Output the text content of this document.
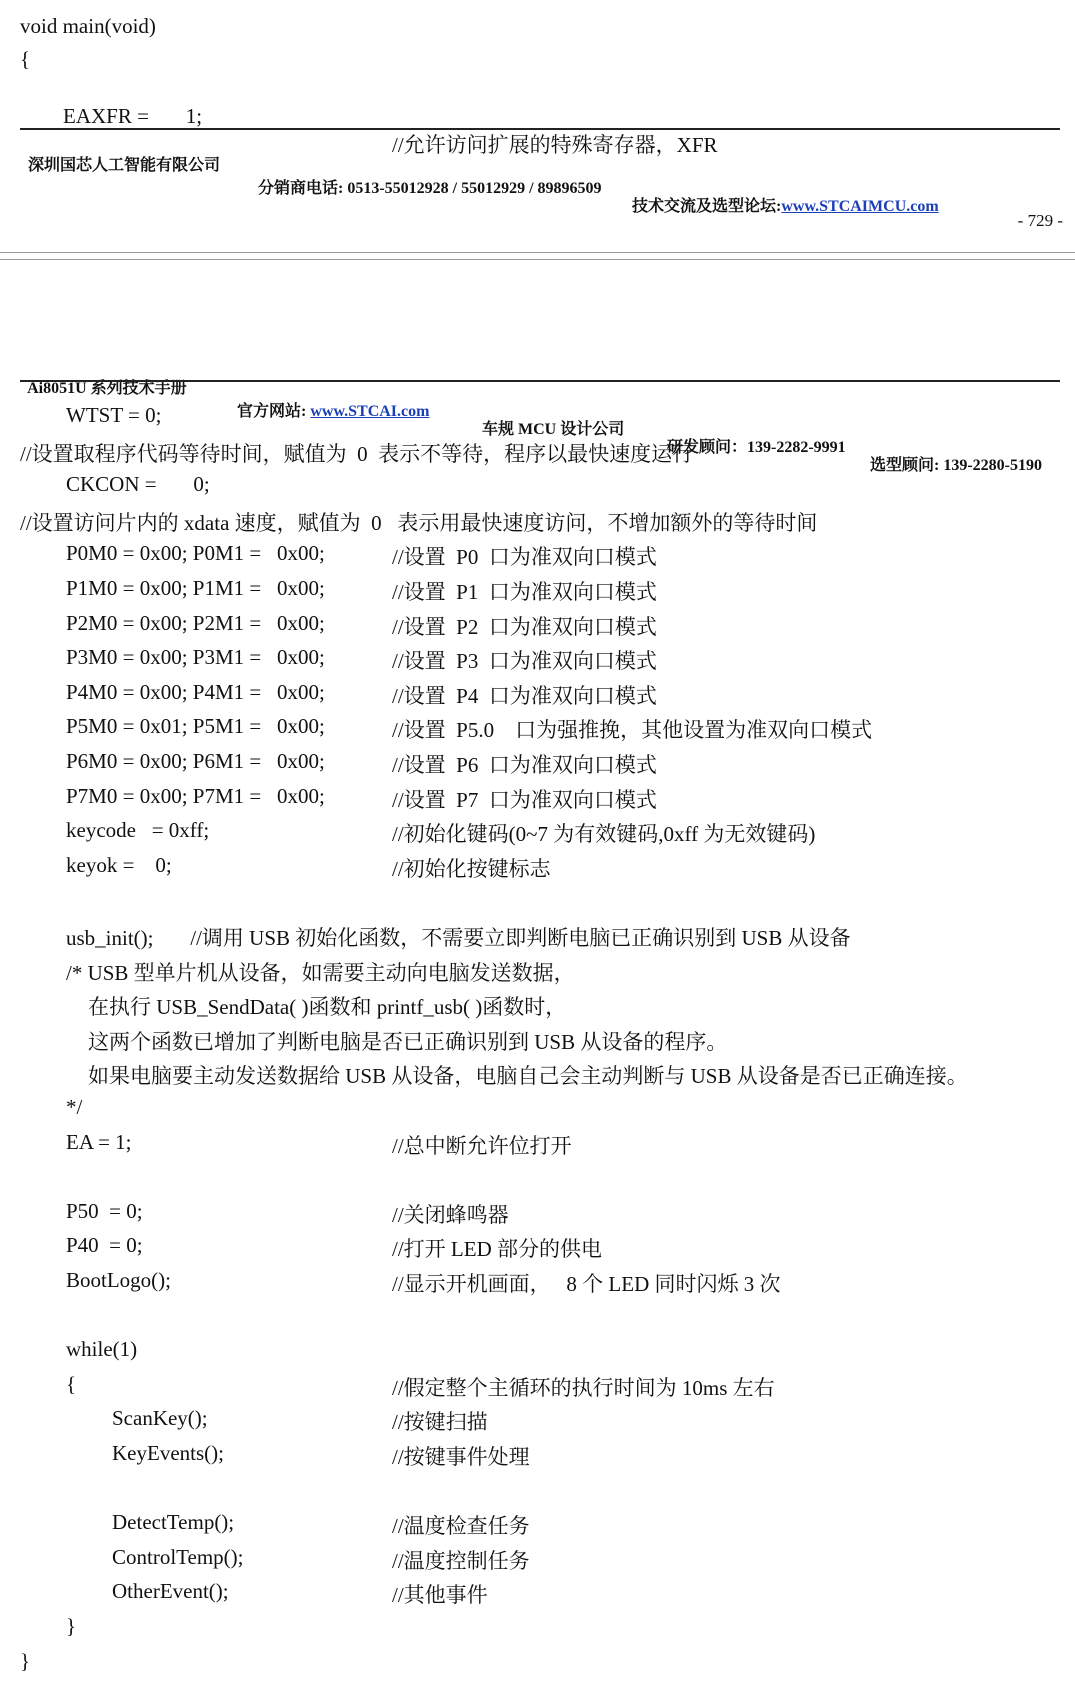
void main(void)
{

EAXFR =       1;

//允许访问扩展的特殊寄存器，XFR

深圳国芯人工智能有限公司

分销商电话: 0513-55012928 / 55012929 / 89896509

技术交流及选型论坛:www.STCAIMCU.com

- 729 -

Ai8051U 系列技术手册

官方网站: www.STCAI.com

车规 MCU 设计公司

研发顾问：139-2282-9991

选型顾问: 139-2280-5190

WTST = 0;
//设置取程序代码等待时间，赋值为  0  表示不等待，程序以最快速度运行
CKCON =       0;
//设置访问片内的 xdata 速度，赋值为  0   表示用最快速度访问，不增加额外的等待时间
P0M0 = 0x00; P0M1 =   0x00;	//设置  P0  口为准双向口模式
P1M0 = 0x00; P1M1 =   0x00;	//设置  P1  口为准双向口模式
P2M0 = 0x00; P2M1 =   0x00;	//设置  P2  口为准双向口模式
P3M0 = 0x00; P3M1 =   0x00;	//设置  P3  口为准双向口模式
P4M0 = 0x00; P4M1 =   0x00;	//设置  P4  口为准双向口模式
P5M0 = 0x01; P5M1 =   0x00;	//设置  P5.0    口为强推挽，其他设置为准双向口模式
P6M0 = 0x00; P6M1 =   0x00;	//设置  P6  口为准双向口模式
P7M0 = 0x00; P7M1 =   0x00;	//设置  P7  口为准双向口模式
keycode   = 0xff;	//初始化键码(0~7 为有效键码,0xff 为无效键码)
keyok =    0;	//初始化按键标志
usb_init();       //调用 USB 初始化函数，不需要立即判断电脑已正确识别到 USB 从设备
/* USB 型单片机从设备，如需要主动向电脑发送数据，
在执行 USB_SendData( )函数和 printf_usb( )函数时，
这两个函数已增加了判断电脑是否已正确识别到 USB 从设备的程序。
如果电脑要主动发送数据给 USB 从设备，电脑自己会主动判断与 USB 从设备是否已正确连接。
*/
EA = 1;	//总中断允许位打开
P50  = 0;	//关闭蜂鸣器
P40  = 0;	//打开 LED 部分的供电
BootLogo();	//显示开机画面，   8 个 LED 同时闪烁 3 次
while(1)
{	//假定整个主循环的执行时间为 10ms 左右
ScanKey();	//按键扫描
KeyEvents();	//按键事件处理
DetectTemp();	//温度检查任务
ControlTemp();	//温度控制任务
OtherEvent();	//其他事件
}
}
